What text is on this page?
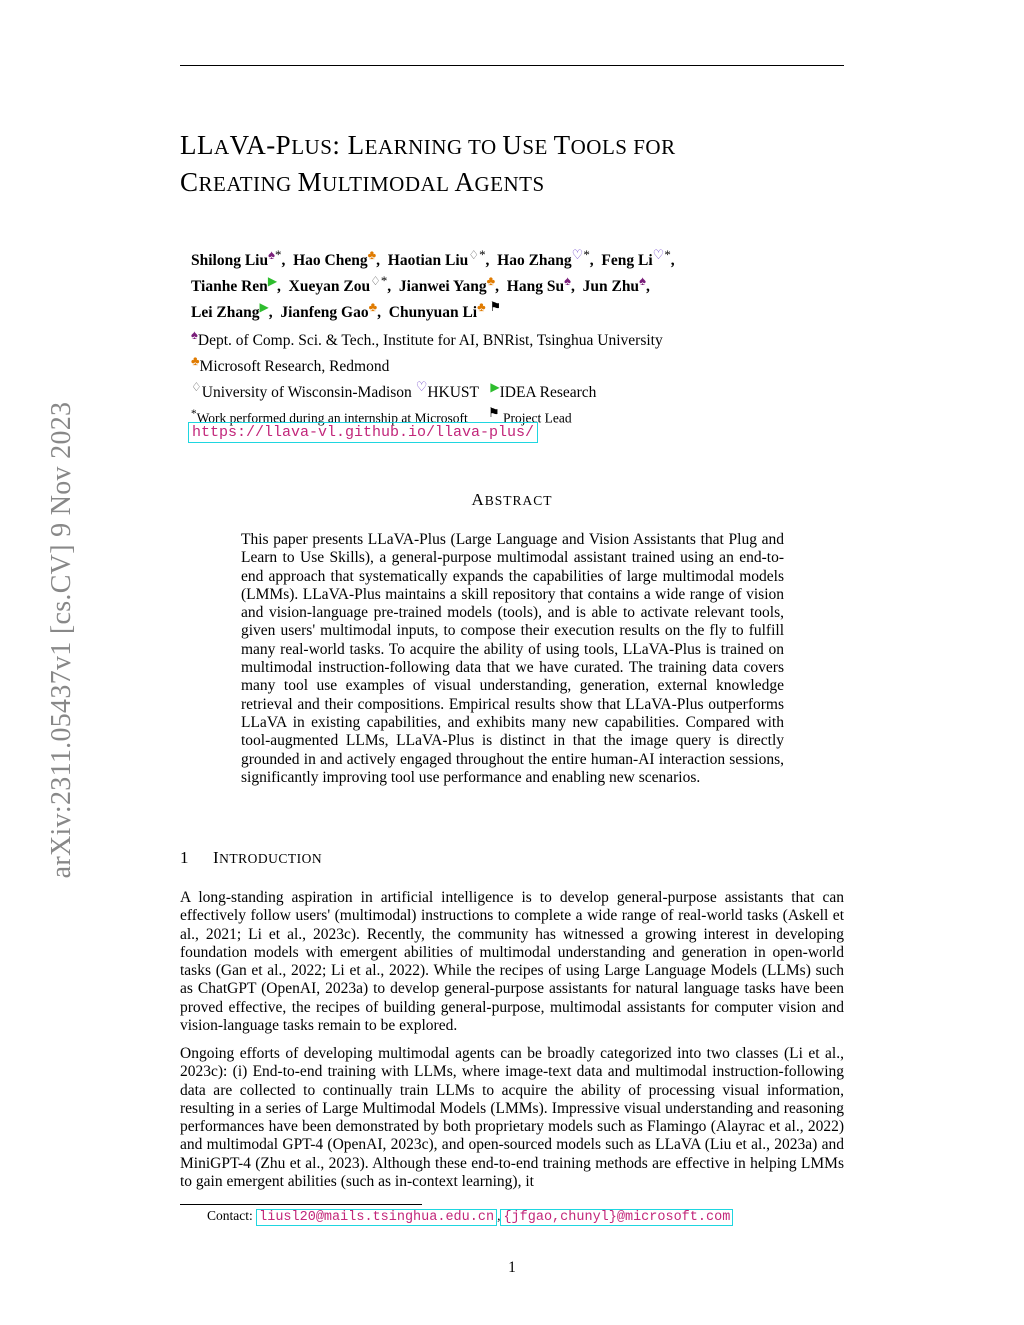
arXiv:2311.05437v1 [cs.CV] 9 Nov 2023
LLAVA-PLUS: LEARNING TO USE TOOLS FOR
CREATING MULTIMODAL AGENTS
Shilong Liu♠*,  Hao Cheng♣,  Haotian Liu♢*,  Hao Zhang♡*,  Feng Li♡*,
Tianhe Ren▶,  Xueyan Zou♢*,  Jianwei Yang♣,  Hang Su♠,  Jun Zhu♠,
Lei Zhang▶,  Jianfeng Gao♣,  Chunyuan Li♣ ⚑
♠Dept. of Comp. Sci. & Tech., Institute for AI, BNRist, Tsinghua University
♣Microsoft Research, Redmond
♢University of Wisconsin-Madison ♡HKUST ▶IDEA Research
*Work performed during an internship at Microsoft ⚑ Project Lead
https://llava-vl.github.io/llava-plus/
ABSTRACT
This paper presents LLaVA-Plus (Large Language and Vision Assistants that Plug and Learn to Use Skills), a general-purpose multimodal assistant trained using an end-to-end approach that systematically expands the capabilities of large multimodal models (LMMs). LLaVA-Plus maintains a skill repository that contains a wide range of vision and vision-language pre-trained models (tools), and is able to activate relevant tools, given users' multimodal inputs, to compose their execution results on the fly to fulfill many real-world tasks. To acquire the ability of using tools, LLaVA-Plus is trained on multimodal instruction-following data that we have curated. The training data covers many tool use examples of visual understanding, generation, external knowledge retrieval and their compositions. Empirical results show that LLaVA-Plus outperforms LLaVA in existing capabilities, and exhibits many new capabilities. Compared with tool-augmented LLMs, LLaVA-Plus is distinct in that the image query is directly grounded in and actively engaged throughout the entire human-AI interaction sessions, significantly improving tool use performance and enabling new scenarios.
1 INTRODUCTION
A long-standing aspiration in artificial intelligence is to develop general-purpose assistants that can effectively follow users' (multimodal) instructions to complete a wide range of real-world tasks (Askell et al., 2021; Li et al., 2023c). Recently, the community has witnessed a growing interest in developing foundation models with emergent abilities of multimodal understanding and generation in open-world tasks (Gan et al., 2022; Li et al., 2022). While the recipes of using Large Language Models (LLMs) such as ChatGPT (OpenAI, 2023a) to develop general-purpose assistants for natural language tasks have been proved effective, the recipes of building general-purpose, multimodal assistants for computer vision and vision-language tasks remain to be explored.
Ongoing efforts of developing multimodal agents can be broadly categorized into two classes (Li et al., 2023c): (i) End-to-end training with LLMs, where image-text data and multimodal instruction-following data are collected to continually train LLMs to acquire the ability of processing visual information, resulting in a series of Large Multimodal Models (LMMs). Impressive visual understanding and reasoning performances have been demonstrated by both proprietary models such as Flamingo (Alayrac et al., 2022) and multimodal GPT-4 (OpenAI, 2023c), and open-sourced models such as LLaVA (Liu et al., 2023a) and MiniGPT-4 (Zhu et al., 2023). Although these end-to-end training methods are effective in helping LMMs to gain emergent abilities (such as in-context learning), it
Contact: liusl20@mails.tsinghua.edu.cn , {jfgao,chunyl}@microsoft.com
1
